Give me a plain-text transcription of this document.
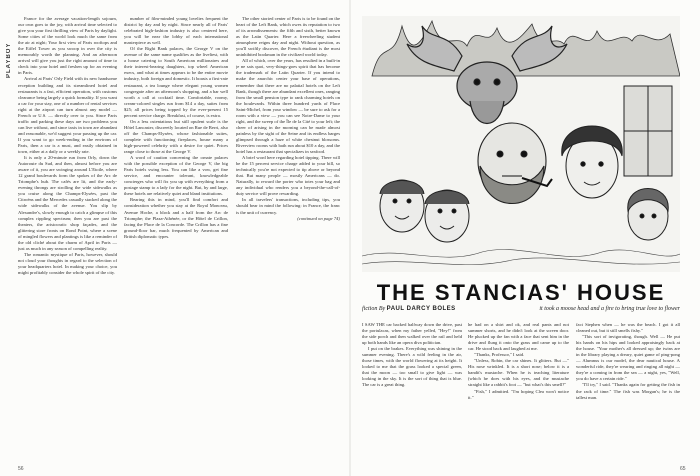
PLAYBOY

France for the average vacation-length sojourn, our own goes to the joy, with arrival time selected to give you your first thrilling view of Paris by daylight. Some cities of the world look much the same from the air at night; Your first view of Paris rooftops and the Eiffel Tower as you swoop in over the city is memorably worth the planning. And an afternoon arrival will give you just the right amount of time to check into your hotel and freshen up for an evening in Paris.

Arrival at Paris' Orly Field with its new handsome reception building and its streamlined hotel and restaurants is a fast, efficient operation, with customs clearance being largely a quick formality. If you want a car for your stay, one of a number of rental services right at the airport can turn almost any model — French or U.S. — directly over to you. Since Paris traffic and parking these days are two problems you can live without, and since taxis in town are abundant and reasonable, we'd suggest your passing up the car. If you want to go week-ending in the environs of Paris, then a car is a must, and easily obtained in town, either at a daily or a weekly rate.

It is only a 20-minute run from Orly, down the Autoroute du Sud, and then, almost before you are aware of it, you are swinging around L'Etoile, where 12 grand boulevards form the spokes of the Arc de Triomphe's hub. The cafés are lit, and the early-evening throngs are strolling the wide sidewalks as you cruise along the Champs-Elysées, past the Citroëns and the Mercedes casually stacked along the wide sidewalks of the avenue. You slip by Alexandre's, slowly enough to catch a glimpse of this complex rippling spectrum; then you are past the theaters, the aristocratic shop façades, and the glittering store fronts on Rond Point, where a scene of mingled flowers and plantings is like a reminder of the old cliché about the charm of April in Paris — just as much in any season of compelling reality.

The romantic mystique of Paris, however, should not cloud your thoughts in regard to the selection of your headquarters hotel. In making your choice, you might profitably consider the whole spirit of the city.

number of film-minded young lovelies frequent the district by day and by night. Since nearly all of Paris' celebrated high-fashion industry is also centered here, you will be near the lobby of each international masterpiece as well.

Of the Right Bank palaces, the George V on the avenue of the same name qualifies as the liveliest, with a house catering to South American millionaires and their interest-bearing daughters, top wheel American execs, and what at times appears to be the entire movie industry, both foreign and domestic. It boasts a first-rate restaurant, a tea lounge where elegant young women congregate after an afternoon's shopping, and a bar well worth a call at cocktail time. Comfortable, roomy, cream-colored singles run from $14 a day, suites from $25; all prices being topped by the ever-present 15 percent service charge. Breakfast, of course, is extra.

On a less ostentatious but still opulent scale is the Hôtel Lancaster, discreetly located on Rue de Berri, also off the Champs-Elysées, whose fashionable suites, complete with functioning fireplaces, house many a high-powered celebrity with a desire for quiet. Prices range close to those at the George V.

A word of caution concerning the ornate palaces with the possible exception of the George V, the big Paris hotels swing less. You can like a vow, get fine service, and encounter tolerant, knowledgeable concierges who will fix you up with everything from a postage stamp to a lady for the night. But, by and large, these hotels are relatively quiet and bland institutions.

Bearing this in mind, you'll find comfort and consideration whether you stay at the Royal Monceau, Avenue Hoche, a block and a half from the Arc de Triomphe; the Plaza-Athénée, or the Hôtel de Crillon, facing the Place de la Concorde. The Crillon has a fine ground-floor bar, much frequented by American and British diplomatic types.

The other storied center of Paris is to be found on the heart of the Left Bank, which owes its reputation to two of its arrondissements: the fifth and sixth, better known as the Latin Quarter. Here a freewheeling student atmosphere reigns day and night. Without question, as you'll swiftly discover, the French étudiant is the most uninhibited bookman in the civilized world today.

All of which, over the years, has resulted in a built-in je ne sais quoi, very-things-goes spirit that has become the trademark of the Latin Quarter. If you intend to make the anarchic center your base of operations, remember that there are no palatial hotels on the Left Bank, though there are abundant excellent ones, ranging from the small pension type to rank charming hotels on the boulevards. Within three hundred yards of Place Saint-Michel, from your window — be sure to ask for a room with a view — you can see Notre-Dame to your right, and the sweep of the Île de la Cité to your left; the cheer of arising in the morning can be made almost painless by the sight of the Seine and its endless barges glimpsed through a haze of white chestnut blossoms. Riverview rooms with bath run about $10 a day, and the hotel has a restaurant that specializes in seafood.

A brief word here regarding hotel tipping. There will be the 15 percent service charge added to your bill, so technically you're not expected to tip above or beyond that. But many people — mostly Americans — do. Naturally, to reward the porter who totes your bag and any individual who renders you a beyond-the-call-of-duty service will prove rewarding.

In all travelers' transactions, including tips, you should bear in mind the following: in France, the franc is the unit of currency.

(continued on page 74)

56
THE STANCIAS' HOUSE
fiction By PAUL DARCY BOLES	it took a moose head and a fire to bring true love to flower

I SAW THE car backed halfway down the drive, past the portulacas, when my father yelled, "Hey!" from the side porch and then walked over the rail and held up both hands like an opera diva politician.

I put on the brakes. Everything was shining in the summer evening. There's a wild feeling in the air, those times, with the world flowering at its height. It looked to me that the grass looked a special green, that the moon — too small to give light — was looking in the sky. It is the sort of thing that is blue. The car is a great thing.

he had on a shirt and ok, and real pants and not summer shorts, and he didn't look at the screen door. He plucked up the fan with a face that sent him in the drive and flung it onto the grass and came up to the car. He stood back and laughed at me.

"Thanks, Professor," I said.

"Unless, Robin, the car shines. It glitters. But —" His nose wrinkled. It is a short nose; below it is a bandit's mustache. When he is teaching literature (which he does with his eyes, and the mustache straight like a rabbit's foot — "but what's this smell?"

"Fish," I admitted. "I'm hoping Clea won't notice it."

fact Stephen when — he was the beach. I got it all cleaned out, but it still smells fishy."

"This sort of invigorating, though. Well — He put his hands on his hips and looked appraisingly back at the house. "Your mother's all dressed up; the twins are in the library playing a dreary, quiet game of ping-pong — Alumnus is our model, the dear nautical house. A wonderful ride, they're wearing and ringing all night — they're a coming in from the sea — a night, yes, "Well, you do have a certain ride."

"I'll try," I said. "Thanks again for getting the fish in the rack of time." The fish was Morgan's; he is the tallest man.

65
